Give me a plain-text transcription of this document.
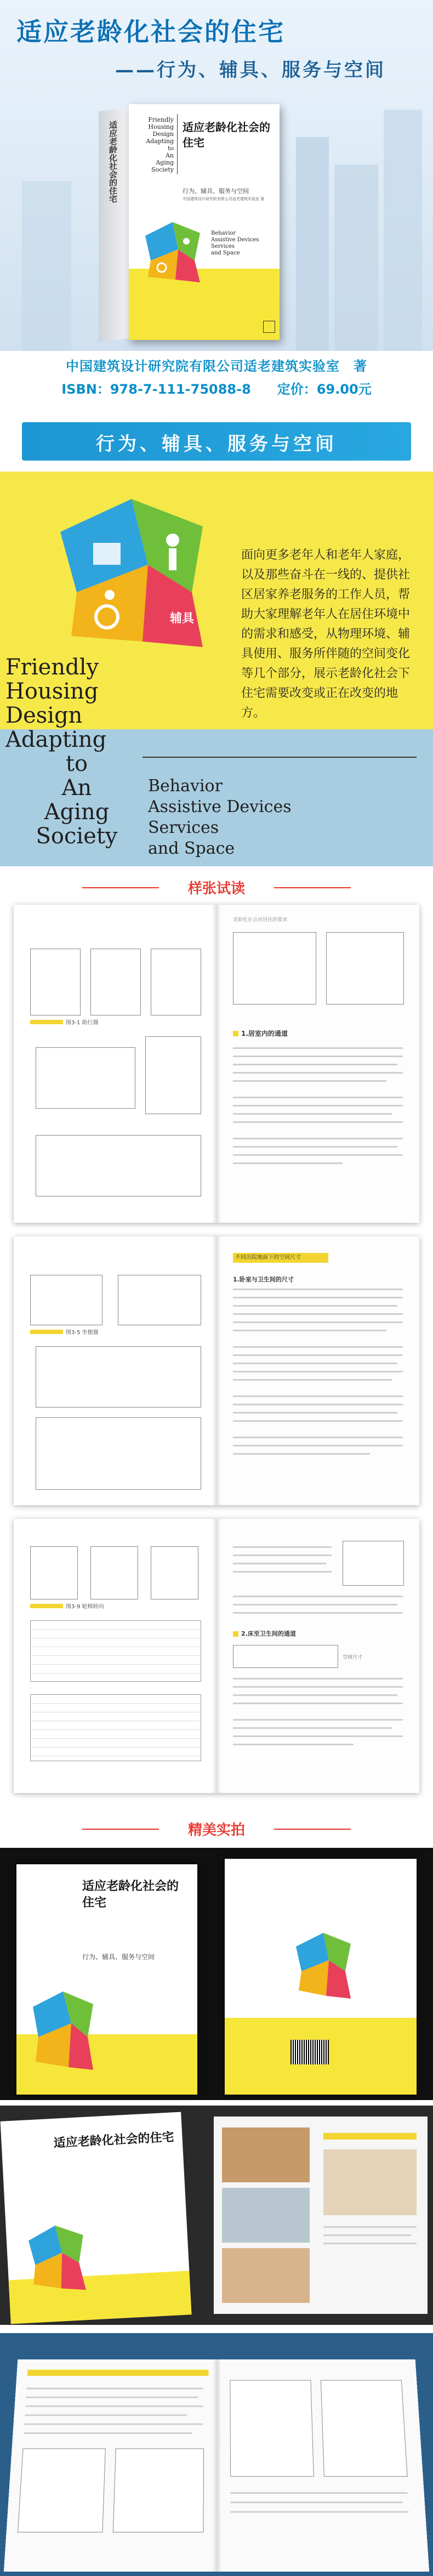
适应老龄化社会的住宅
——行为、辅具、服务与空间
适应老龄化社会的住宅
Friendly
Housing
Design
Adapting
to
An
Aging
Society
适应老龄化社会的住宅
行为、辅具、服务与空间
中国建筑设计研究院有限公司适老建筑实验室 著
Behavior
Assistive Devices
Services
and Space
中国建筑设计研究院有限公司适老建筑实验室　著
ISBN：978-7-111-75088-8　　定价：69.00元
行为、辅具、服务与空间
辅具
面向更多老年人和老年人家庭，以及那些奋斗在一线的、提供社区居家养老服务的工作人员，帮助大家理解老年人在居住环境中的需求和感受，从物理环境、辅具使用、服务所伴随的空间变化等几个部分，展示老龄化社会下住宅需要改变或正在改变的地方。
Friendly
Housing
Design
Adapting
to
An
Aging
Society
Behavior
Assistive Devices
Services
and Space
样张试读
图3-1 助行器
1.居室内的通道
老龄化社会对居住的要求
图3-5 坐便器
不同出院地面下的空间尺寸
1.卧室与卫生间的尺寸
图3-9 轮椅转向
2.床至卫生间的通道
空间尺寸
精美实拍
适应老龄化社会的住宅
行为、辅具、服务与空间
适应老龄化社会的住宅
